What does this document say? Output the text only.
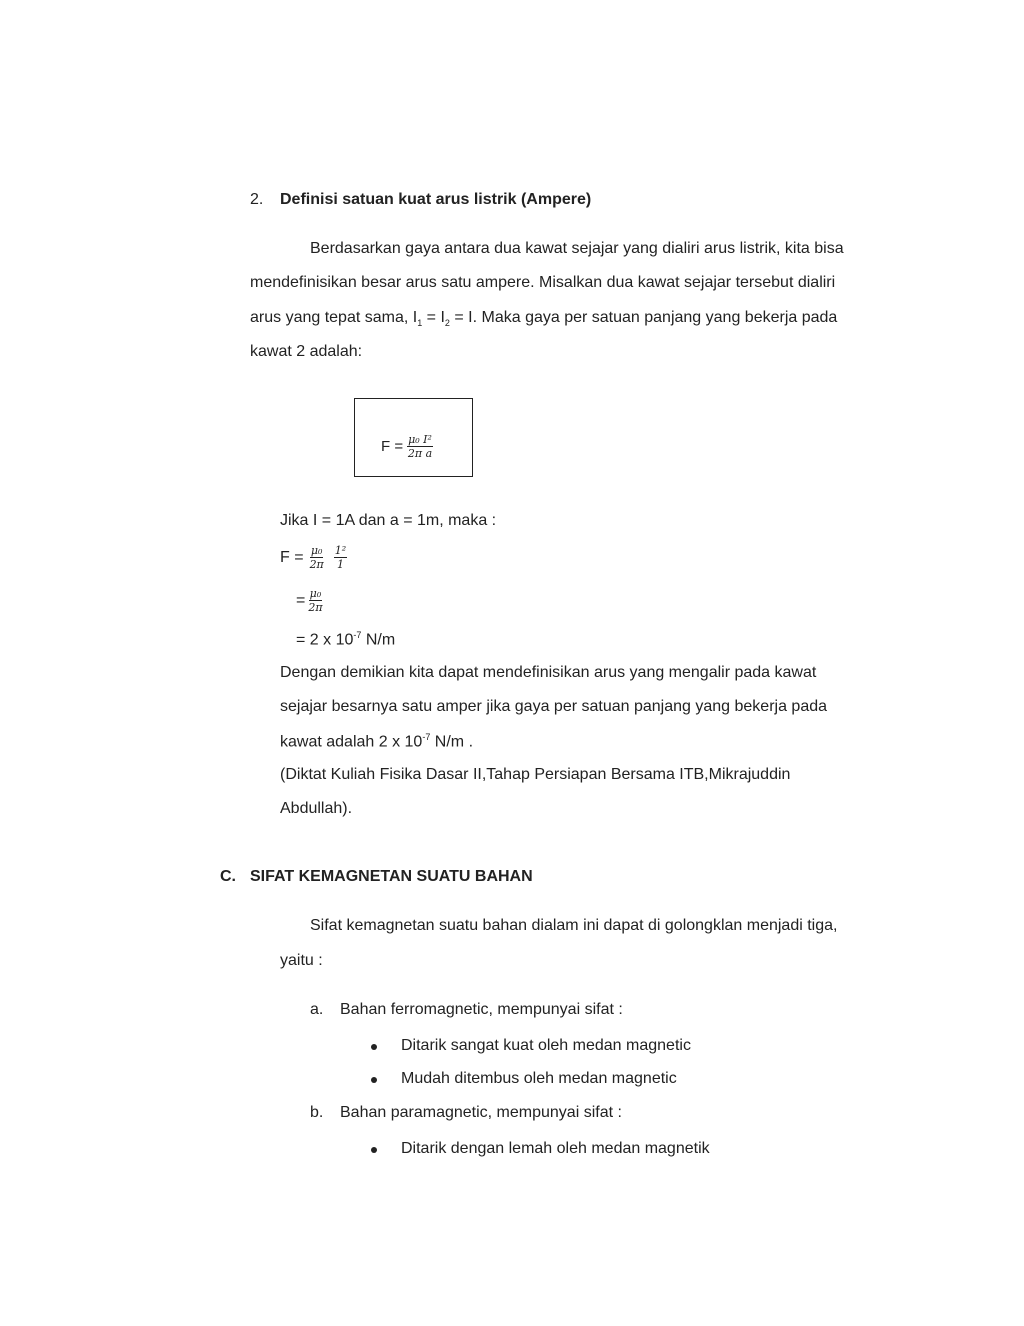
2. Definisi satuan kuat arus listrik (Ampere)
Berdasarkan gaya antara dua kawat sejajar yang dialiri arus listrik, kita bisa
mendefinisikan besar arus satu ampere. Misalkan dua kawat sejajar tersebut dialiri
arus yang tepat sama, $I_1 = I_2 = I$. Maka gaya per satuan panjang yang bekerja pada
kawat 2 adalah:
$F = \frac{\text{μ₀ I²}}{\text{2π a}}$
Jika I = 1A dan a = 1m, maka :
$F = \frac{\text{μ₀}}{2\pi} \frac{\text{1²}}{1}$
= $\frac{\text{μ₀}}{2\pi}$
= 2 x $10^{-7}$ N/m
Dengan demikian kita dapat mendefinisikan arus yang mengalir pada kawat
sejajar besarnya satu amper jika gaya per satuan panjang yang bekerja pada
kawat adalah 2 x $10^{-7}$ N/m .
(Diktat Kuliah Fisika Dasar II,Tahap Persiapan Bersama ITB,Mikrajuddin
Abdullah).
C. SIFAT KEMAGNETAN SUATU BAHAN
Sifat kemagnetan suatu bahan dialam ini dapat di golongklan menjadi tiga,
yaitu :
a. Bahan ferromagnetic, mempunyai sifat :
Ditarik sangat kuat oleh medan magnetic
Mudah ditembus oleh medan magnetic
b. Bahan paramagnetic, mempunyai sifat :
Ditarik dengan lemah oleh medan magnetik
